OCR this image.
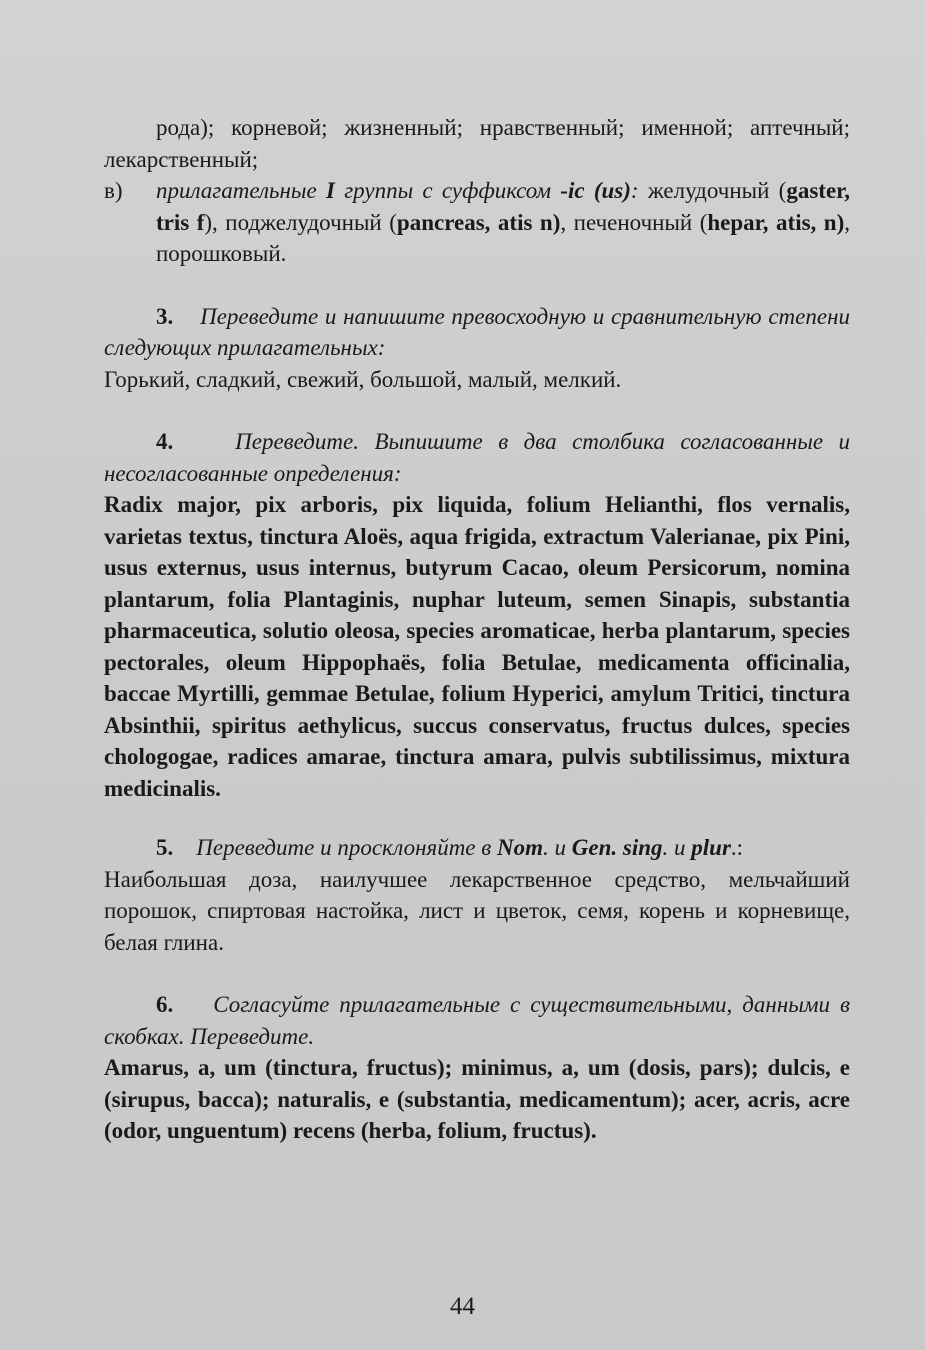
рода); корневой; жизненный; нравственный; именной; аптечный; лекарственный;

в)	прилагательные I группы с суффиксом -ic (us): желудочный (gaster, tris f), поджелудочный (pancreas, atis n), печеночный (hepar, atis, n), порошковый.

3. Переведите и напишите превосходную и сравнительную степени следующих прилагательных:

Горький, сладкий, свежий, большой, малый, мелкий.

4.	Переведите. Выпишите в два столбика согласованные и несогласованные определения:

Radix major, pix arboris, pix liquida, folium Helianthi, flos vernalis, varietas textus, tinctura Aloës, aqua frigida, extractum Valerianae, pix Pini, usus externus, usus internus, butyrum Cacao, oleum Persicorum, nomina plantarum, folia Plantaginis, nuphar luteum, semen Sinapis, substantia pharmaceutica, solutio oleosa, species aromaticae, herba plantarum, species pectorales, oleum Hippophaës, folia Betulae, medicamenta officinalia, baccae Myrtilli, gemmae Betulae, folium Hyperici, amylum Tritici, tinctura Absinthii, spiritus aethylicus, succus conservatus, fructus dulces, species chologogae, radices amarae, tinctura amara, pulvis subtilissimus, mixtura medicinalis.

5. Переведите и просклоняйте в Nom. и Gen. sing. и plur.:

Наибольшая доза, наилучшее лекарственное средство, мельчайший порошок, спиртовая настойка, лист и цветок, семя, корень и корневище, белая глина.

6. Согласуйте прилагательные с существительными, данными в скобках. Переведите.

Amarus, a, um (tinctura, fructus); minimus, a, um (dosis, pars); dulcis, e (sirupus, bacca); naturalis, e (substantia, medicamentum); acer, acris, acre (odor, unguentum) recens (herba, folium, fructus).

44
